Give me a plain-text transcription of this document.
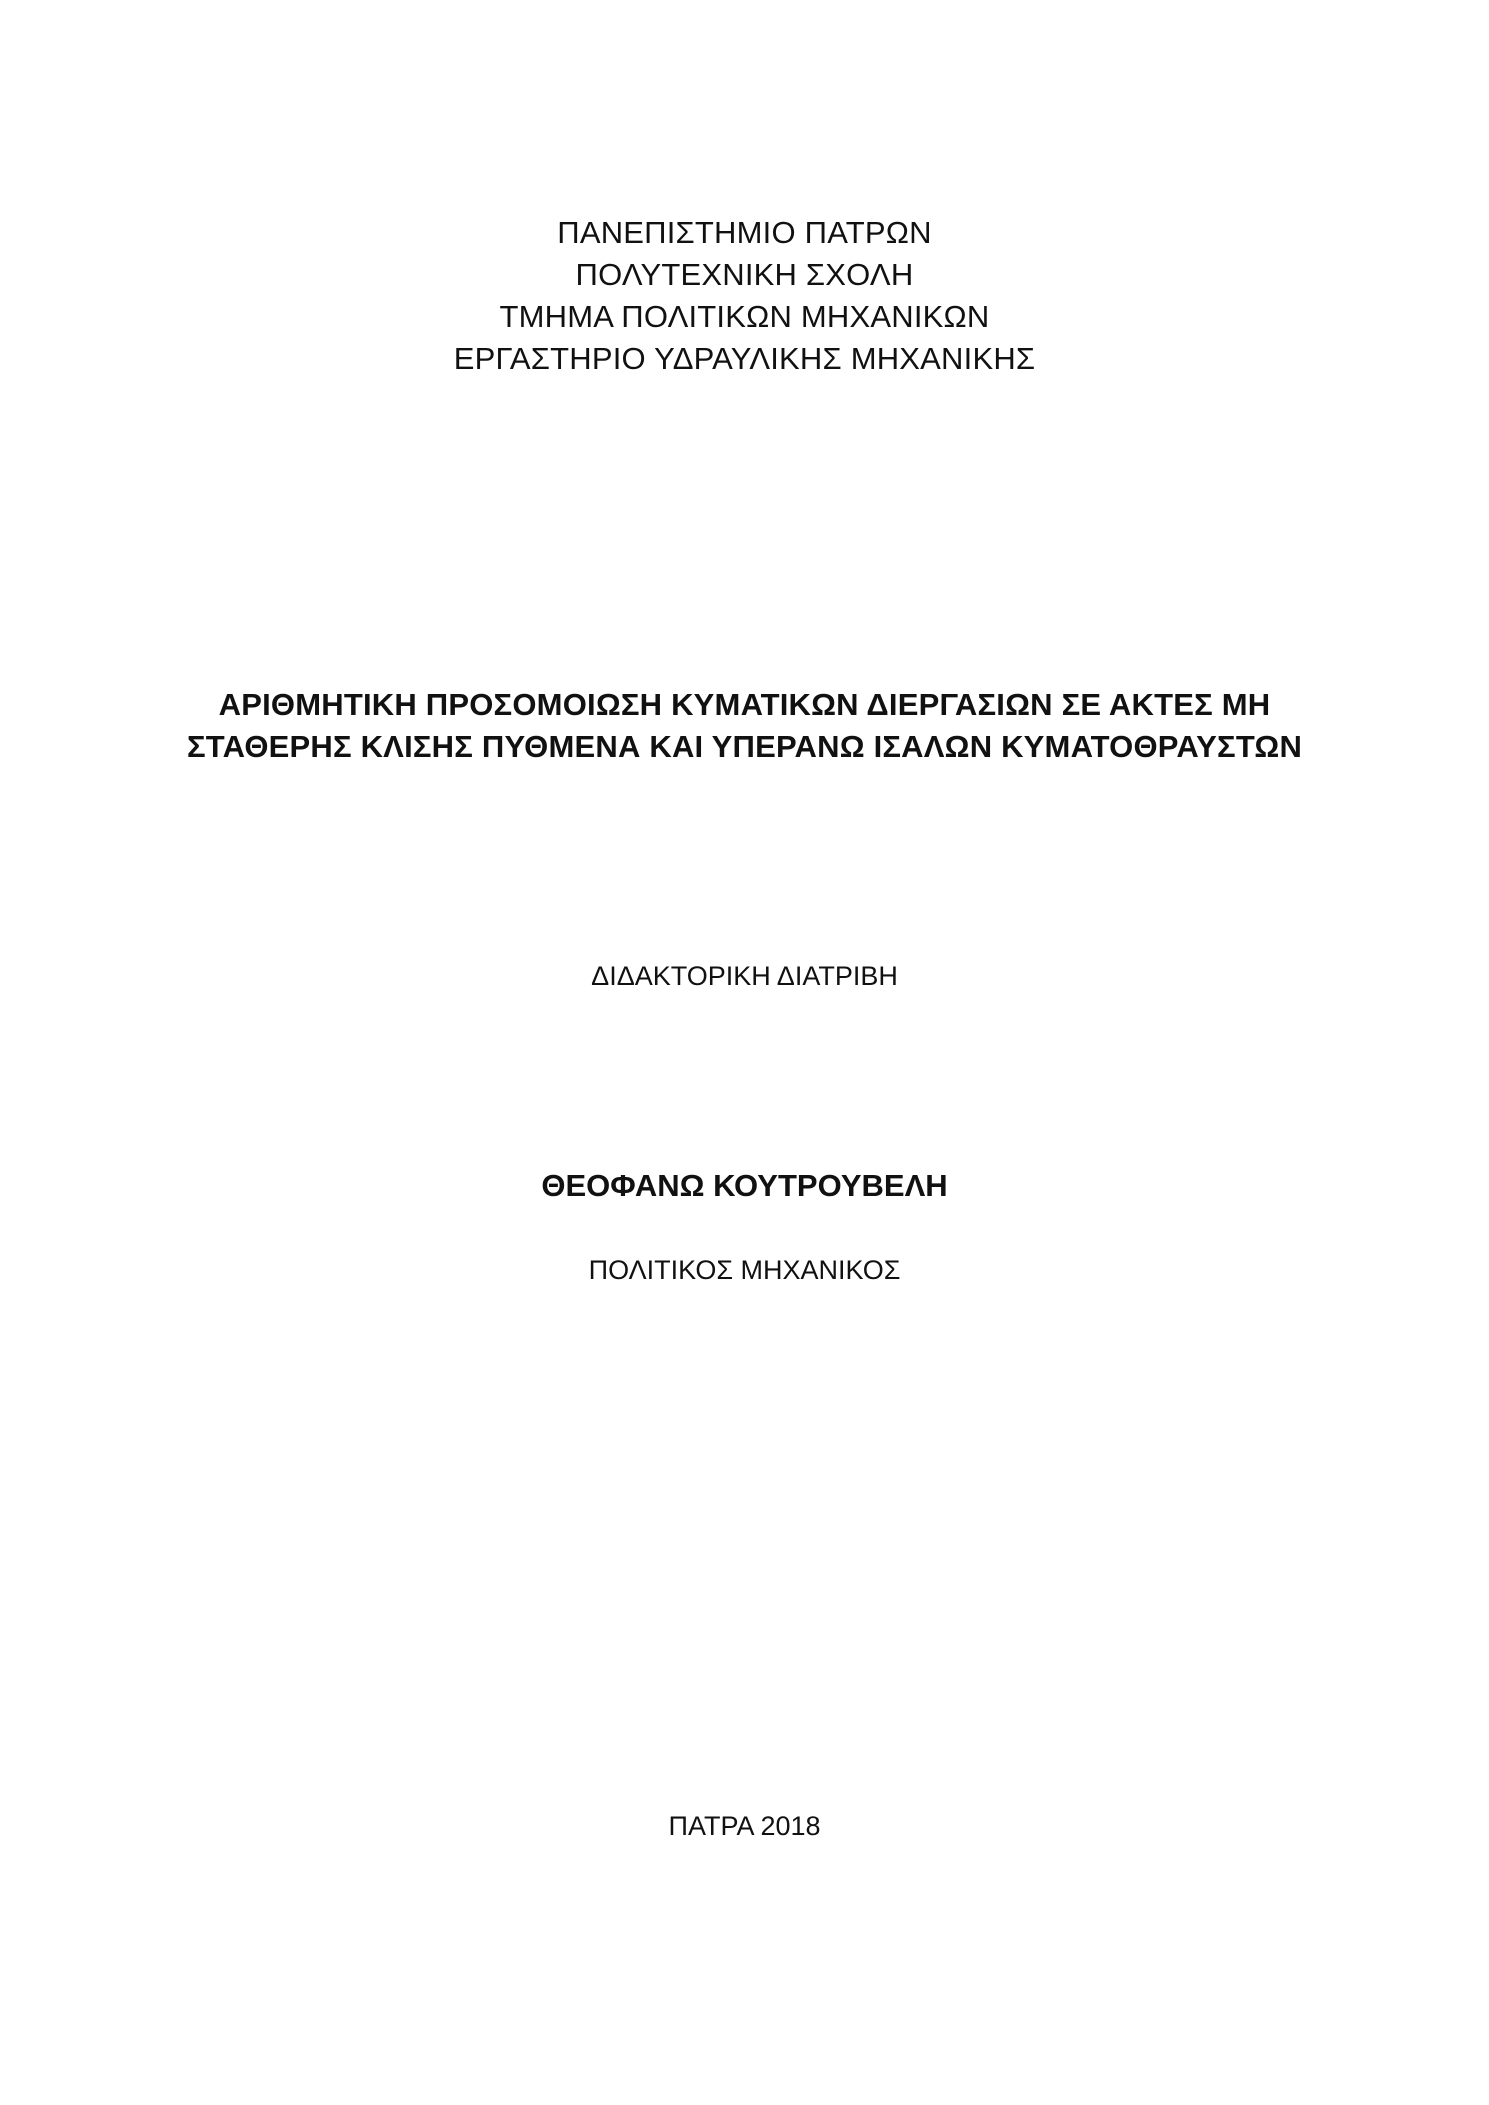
ΠΑΝΕΠΙΣΤΗΜΙΟ ΠΑΤΡΩΝ
ΠΟΛΥΤΕΧΝΙΚΗ ΣΧΟΛΗ
ΤΜΗΜΑ ΠΟΛΙΤΙΚΩΝ ΜΗΧΑΝΙΚΩΝ
ΕΡΓΑΣΤΗΡΙΟ ΥΔΡΑΥΛΙΚΗΣ ΜΗΧΑΝΙΚΗΣ
ΑΡΙΘΜΗΤΙΚΗ ΠΡΟΣΟΜΟΙΩΣΗ ΚΥΜΑΤΙΚΩΝ ΔΙΕΡΓΑΣΙΩΝ ΣΕ ΑΚΤΕΣ ΜΗ
ΣΤΑΘΕΡΗΣ ΚΛΙΣΗΣ ΠΥΘΜΕΝΑ ΚΑΙ ΥΠΕΡΑΝΩ ΙΣΑΛΩΝ ΚΥΜΑΤΟΘΡΑΥΣΤΩΝ
ΔΙΔΑΚΤΟΡΙΚΗ ΔΙΑΤΡΙΒΗ
ΘΕΟΦΑΝΩ ΚΟΥΤΡΟΥΒΕΛΗ
ΠΟΛΙΤΙΚΟΣ ΜΗΧΑΝΙΚΟΣ
ΠΑΤΡΑ 2018
